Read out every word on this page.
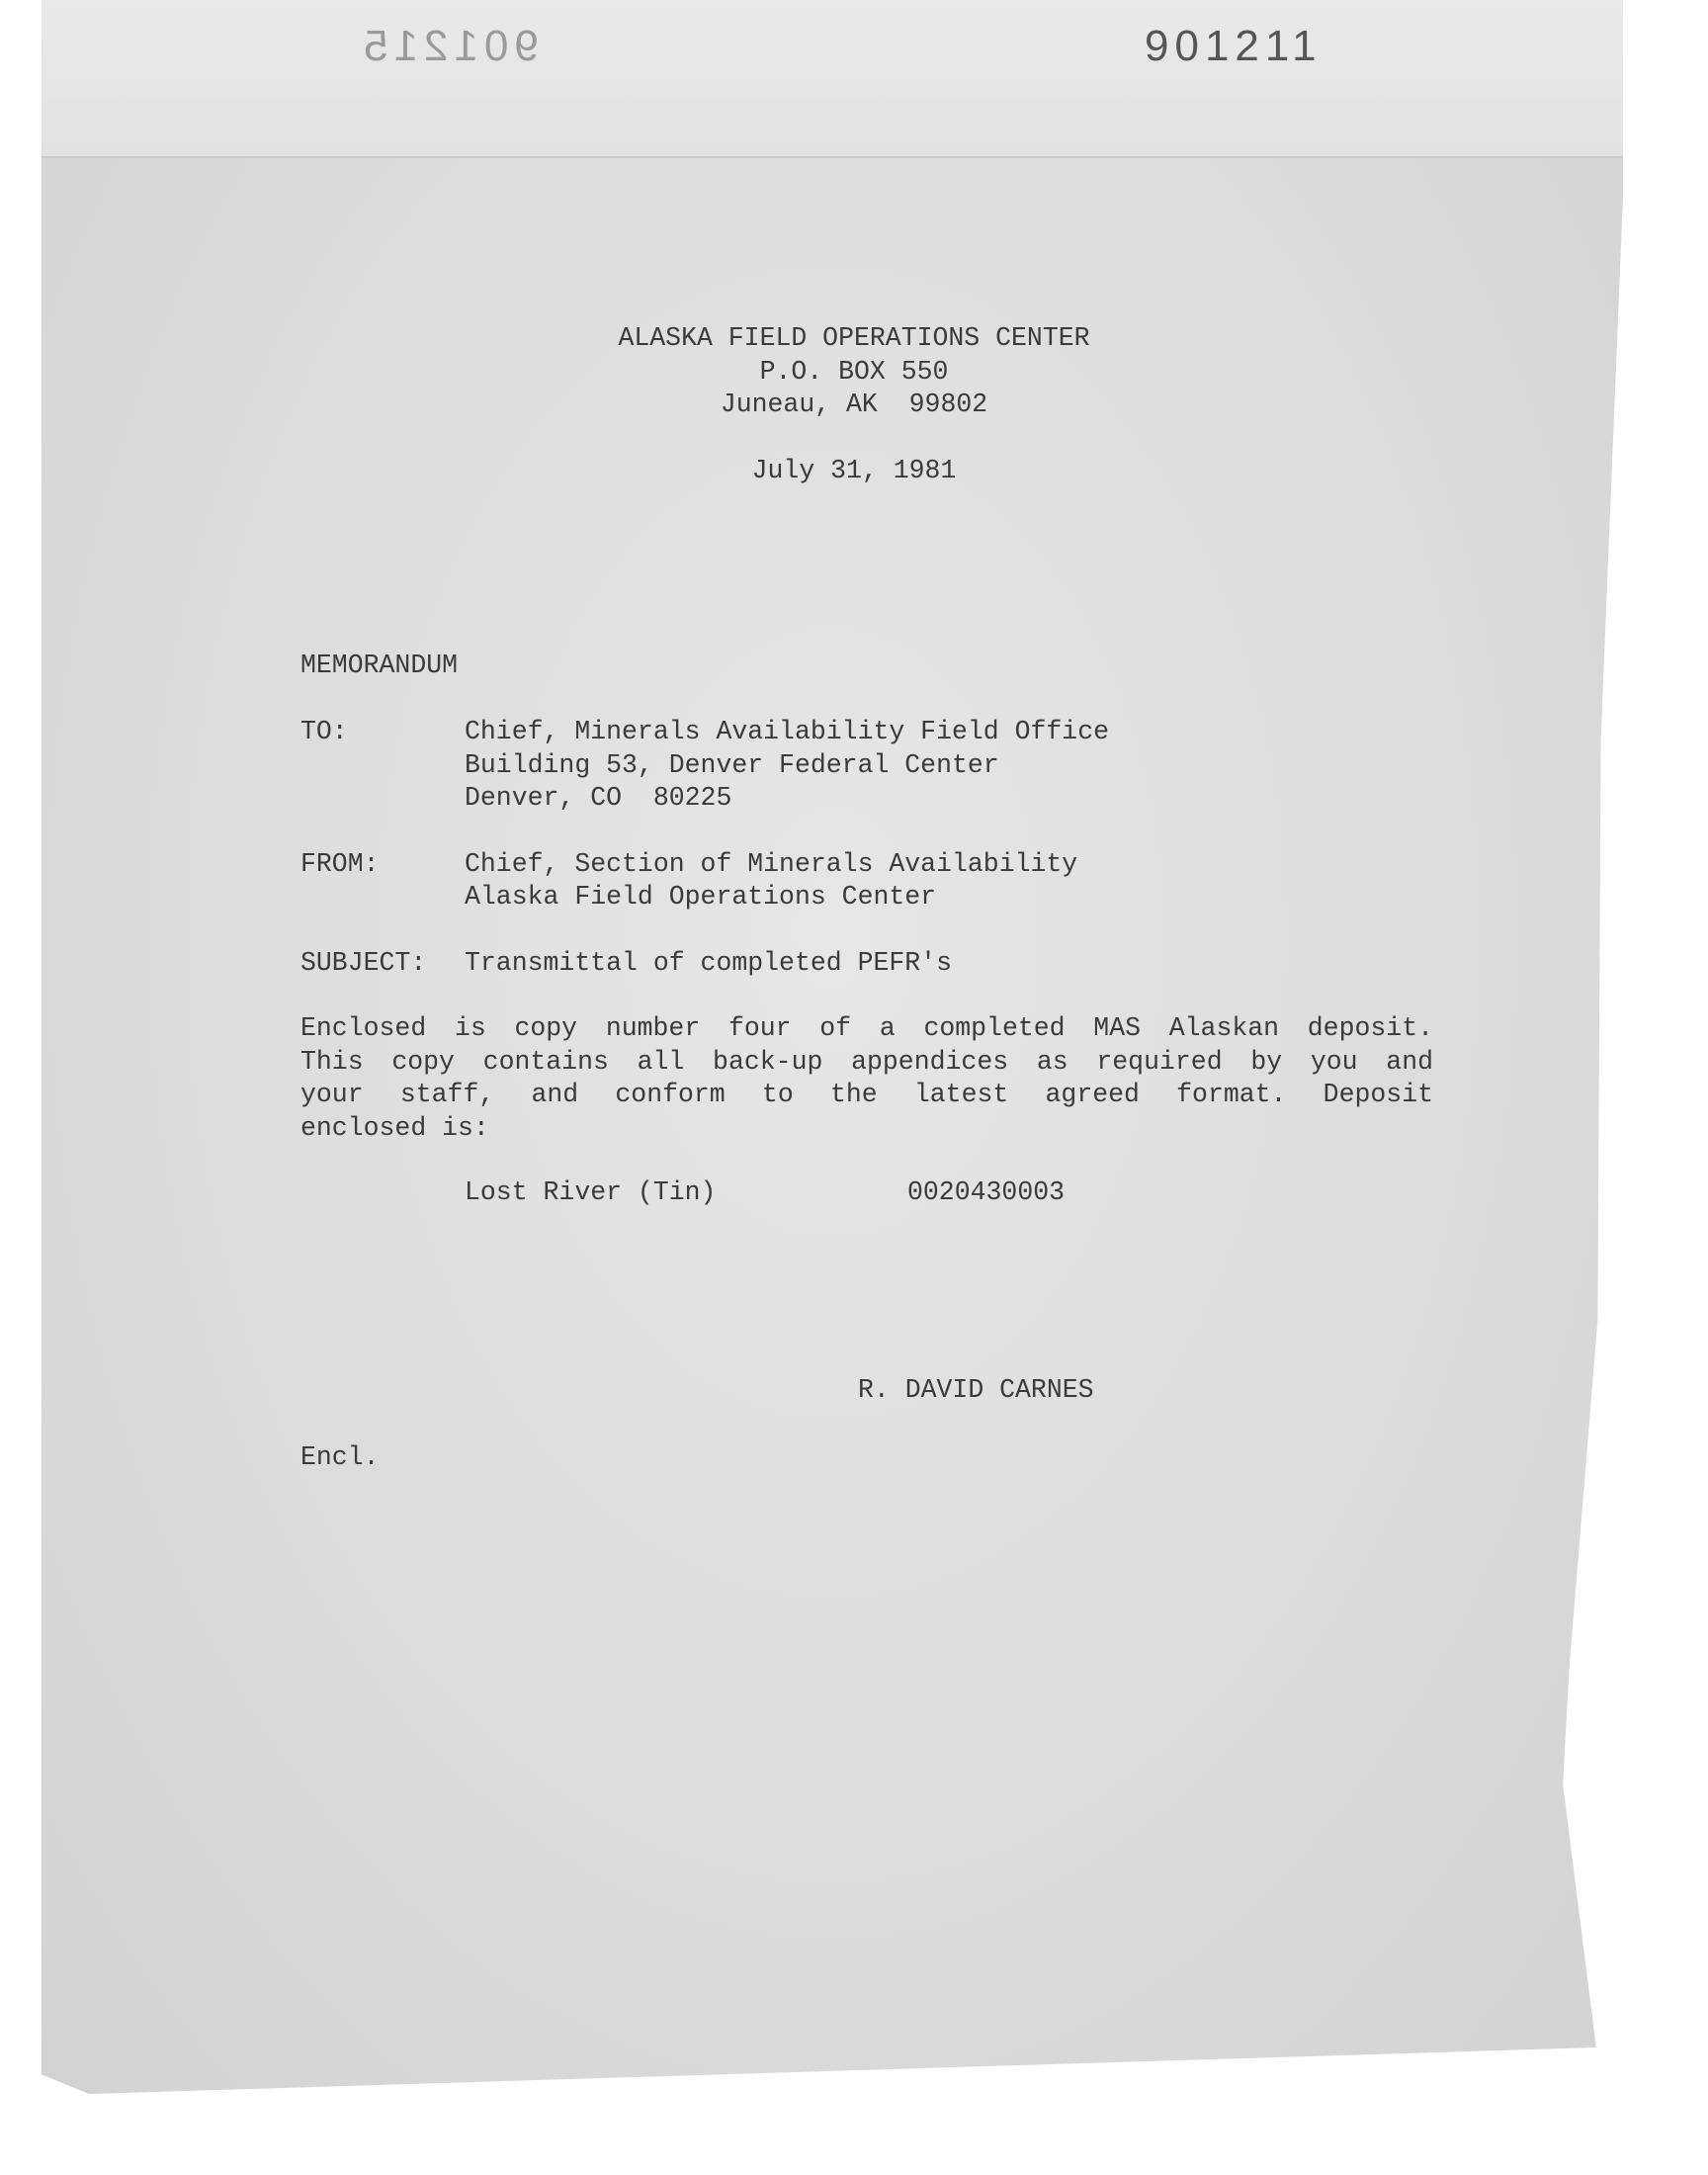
901215	901211
ALASKA FIELD OPERATIONS CENTER
P.O. BOX 550
Juneau, AK  99802
July 31, 1981
MEMORANDUM
TO:	Chief, Minerals Availability Field Office
Building 53, Denver Federal Center
Denver, CO  80225
FROM:	Chief, Section of Minerals Availability
Alaska Field Operations Center
SUBJECT: Transmittal of completed PEFR's
Enclosed is copy number four of a completed MAS Alaskan deposit.
This copy contains all back-up appendices as required by you and
your staff, and conform to the latest agreed format. Deposit
enclosed is:
Lost River (Tin)	0020430003
R. DAVID CARNES
Encl.
